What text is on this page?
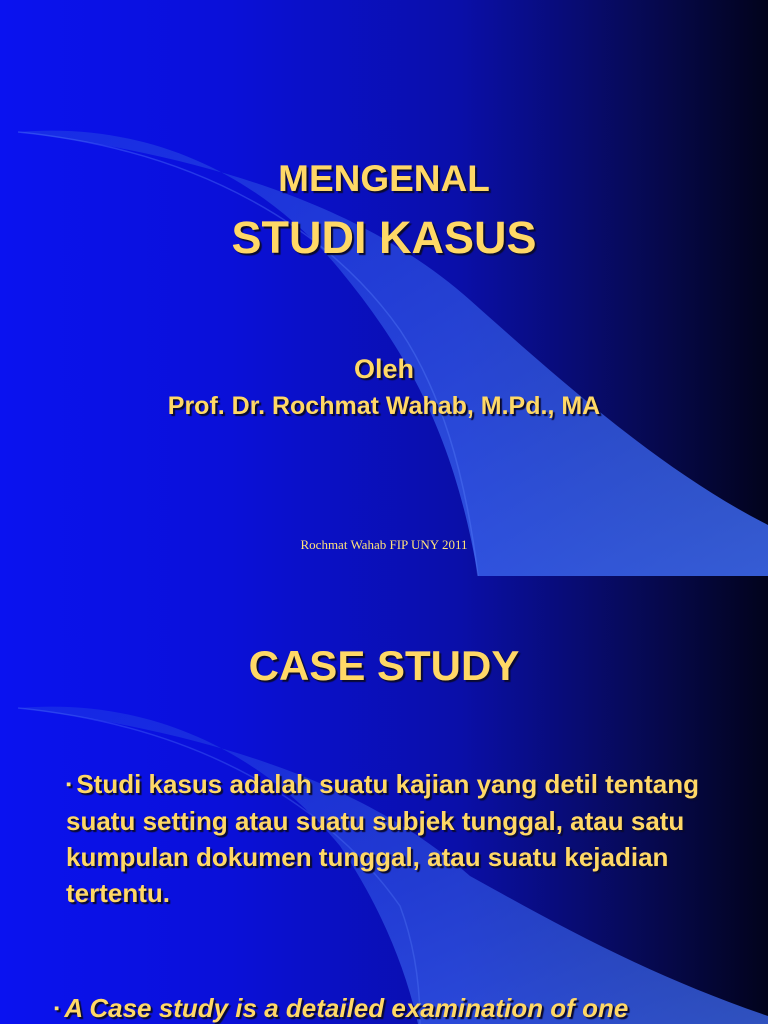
MENGENAL

STUDI KASUS

Oleh

Prof. Dr. Rochmat Wahab, M.Pd., MA

Rochmat Wahab FIP UNY 2011

CASE STUDY

▪ Studi kasus adalah suatu kajian yang detil tentang suatu setting atau suatu subjek tunggal, atau satu kumpulan dokumen tunggal, atau suatu kejadian tertentu.

▪ A Case study is a detailed examination of one
